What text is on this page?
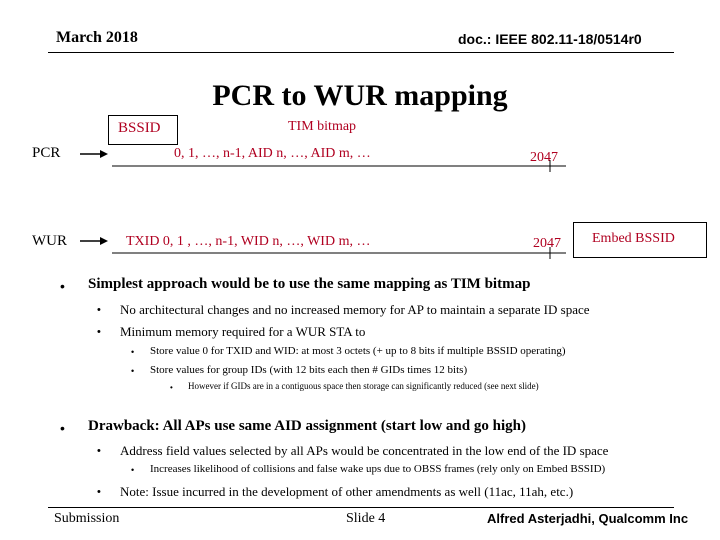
March 2018	doc.: IEEE 802.11-18/0514r0
PCR to WUR mapping
BSSID	TIM bitmap
PCR	0, 1, …, n-1, AID n, …, AID m, …	2047
WUR	TXID 0, 1 , …, n-1, WID n, …, WID m, …	2047 Embed BSSID
• Simplest approach would be to use the same mapping as TIM bitmap
• No architectural changes and no increased memory for AP to maintain a separate ID space
• Minimum memory required for a WUR STA to
• Store value 0 for TXID and WID: at most 3 octets (+ up to 8 bits if multiple BSSID operating)
• Store values for group IDs (with 12 bits each then # GIDs times 12 bits)
• However if GIDs are in a contiguous space then storage can significantly reduced (see next slide)
• Drawback: All APs use same AID assignment (start low and go high)
• Address field values selected by all APs would be concentrated in the low end of the ID space
• Increases likelihood of collisions and false wake ups due to OBSS frames (rely only on Embed BSSID)
• Note: Issue incurred in the development of other amendments as well (11ac, 11ah, etc.)
Submission	Slide 4	Alfred Asterjadhi, Qualcomm Inc
